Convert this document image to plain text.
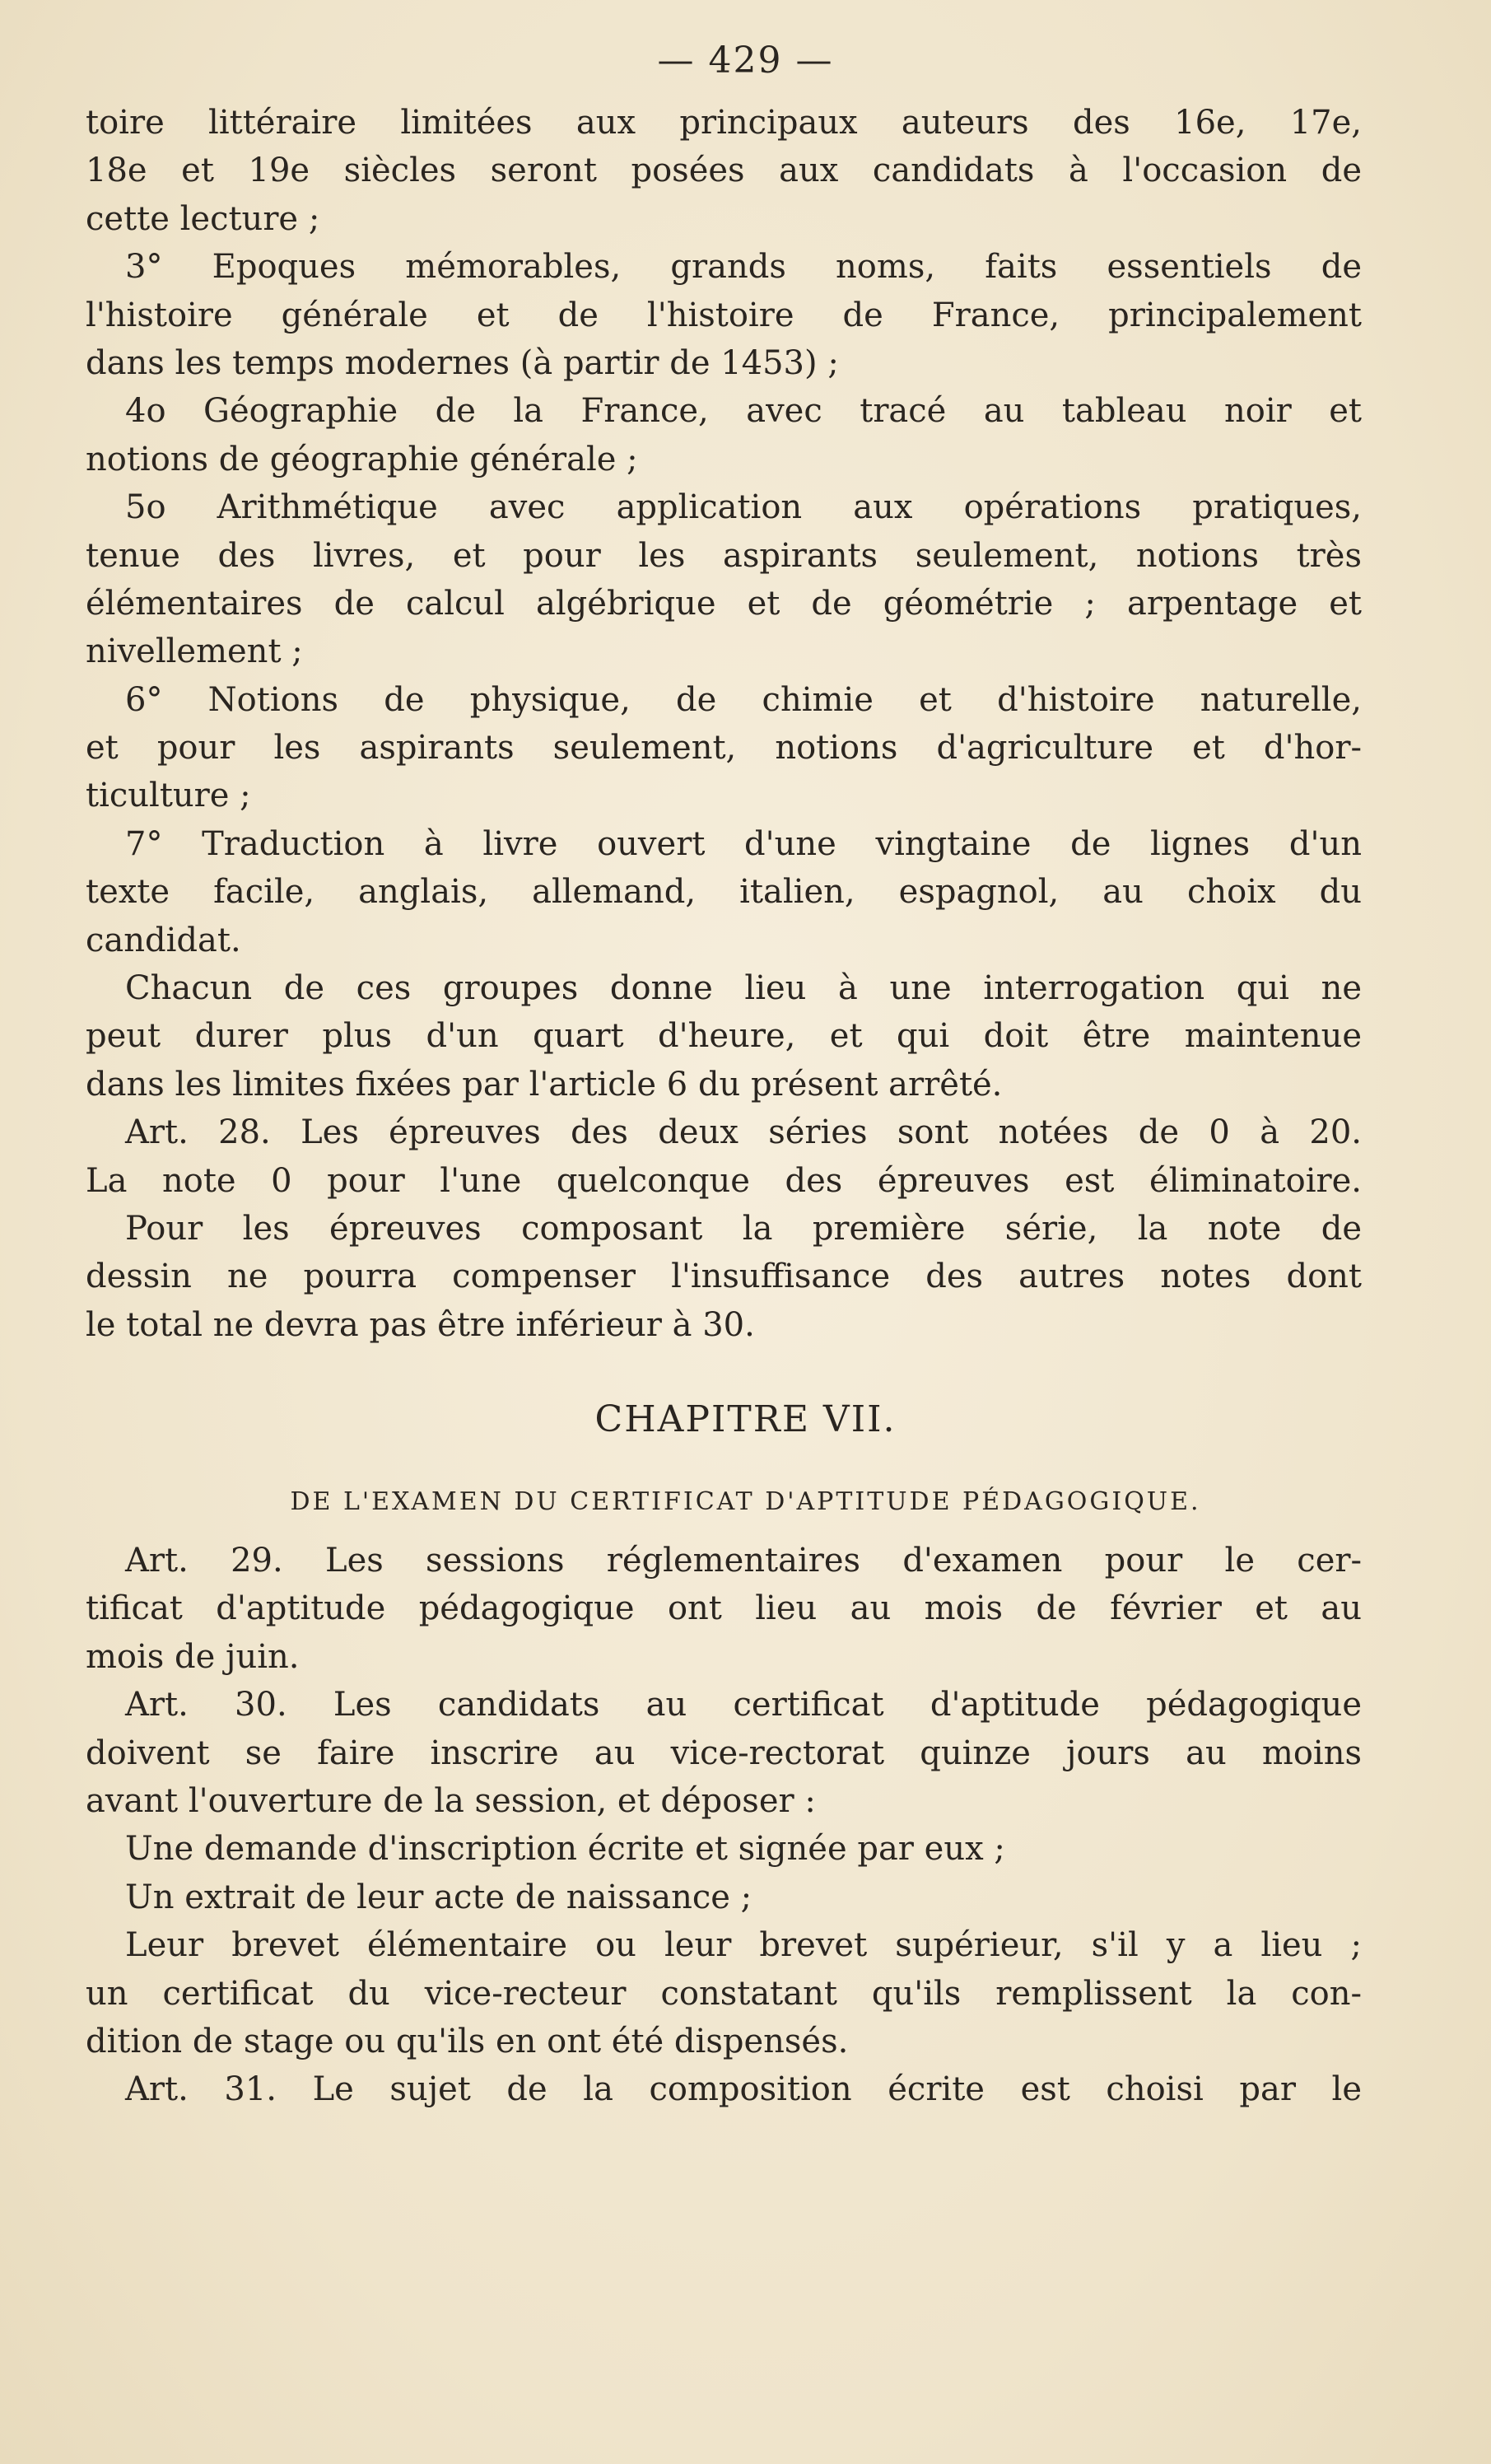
— 429 —
toire littéraire limitées aux principaux auteurs des 16e, 17e,
18e et 19e siècles seront posées aux candidats à l'occasion de
cette lecture ;
3° Epoques mémorables, grands noms, faits essentiels de
l'histoire générale et de l'histoire de France, principalement
dans les temps modernes (à partir de 1453) ;
4o Géographie de la France, avec tracé au tableau noir et
notions de géographie générale ;
5o Arithmétique avec application aux opérations pratiques,
tenue des livres, et pour les aspirants seulement, notions très
élémentaires de calcul algébrique et de géométrie ; arpentage et
nivellement ;
6° Notions de physique, de chimie et d'histoire naturelle,
et pour les aspirants seulement, notions d'agriculture et d'hor-
ticulture ;
7° Traduction à livre ouvert d'une vingtaine de lignes d'un
texte facile, anglais, allemand, italien, espagnol, au choix du
candidat.
Chacun de ces groupes donne lieu à une interrogation qui ne
peut durer plus d'un quart d'heure, et qui doit être maintenue
dans les limites fixées par l'article 6 du présent arrêté.
Art. 28. Les épreuves des deux séries sont notées de 0 à 20.
La note 0 pour l'une quelconque des épreuves est éliminatoire.
Pour les épreuves composant la première série, la note de
dessin ne pourra compenser l'insuffisance des autres notes dont
le total ne devra pas être inférieur à 30.
CHAPITRE VII.
DE L'EXAMEN DU CERTIFICAT D'APTITUDE PÉDAGOGIQUE.
Art. 29. Les sessions réglementaires d'examen pour le cer-
tificat d'aptitude pédagogique ont lieu au mois de février et au
mois de juin.
Art. 30. Les candidats au certificat d'aptitude pédagogique
doivent se faire inscrire au vice-rectorat quinze jours au moins
avant l'ouverture de la session, et déposer :
Une demande d'inscription écrite et signée par eux ;
Un extrait de leur acte de naissance ;
Leur brevet élémentaire ou leur brevet supérieur, s'il y a lieu ;
un certificat du vice-recteur constatant qu'ils remplissent la con-
dition de stage ou qu'ils en ont été dispensés.
Art. 31. Le sujet de la composition écrite est choisi par le
